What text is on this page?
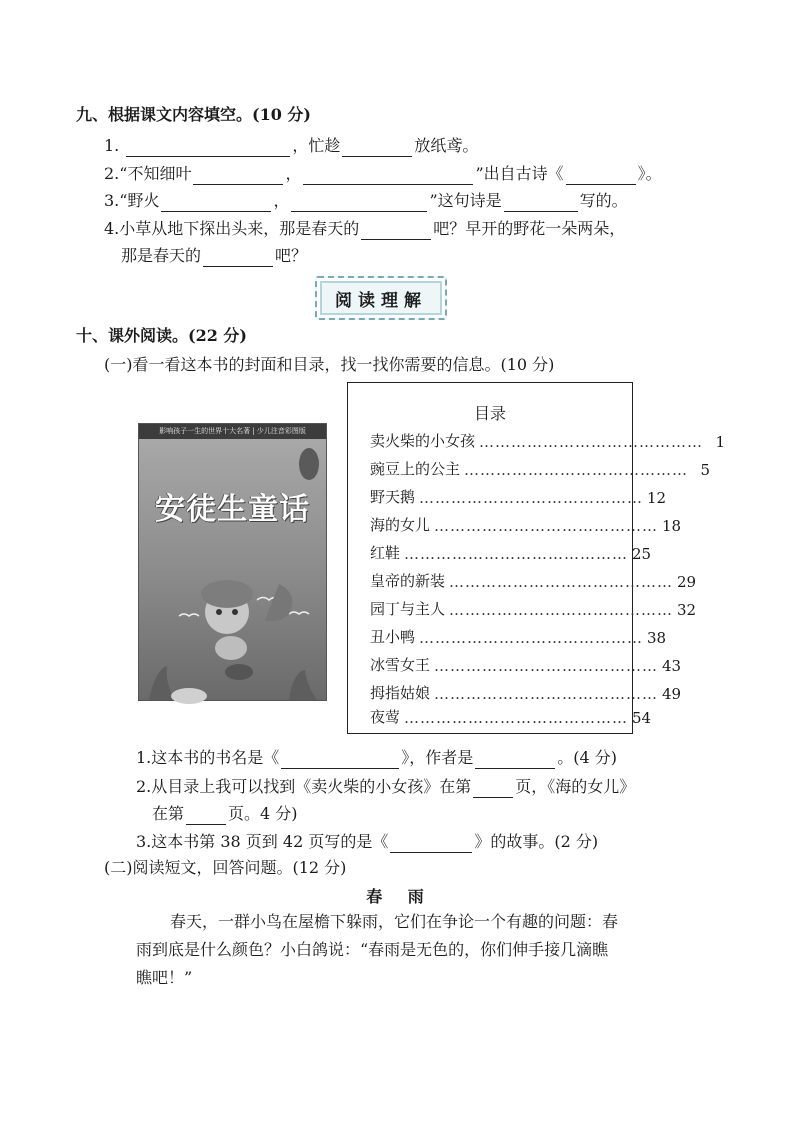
九、根据课文内容填空。(10 分)
1.	，忙趁	放纸鸢。
2.“不知细叶	，	”出自古诗《	》。
3.“野火	，	”这句诗是	写的。
4.小草从地下探出头来，那是春天的	吧？早开的野花一朵两朵，
那是春天的	吧？
阅读理解
十、课外阅读。(22 分)
(一)看一看这本书的封面和目录，找一找你需要的信息。(10 分)
影响孩子一生的世界十大名著 | 少儿注音彩图版
安徒生童话
目录
卖火柴的小女孩 …………………………………… 1
豌豆上的公主 …………………………………… 5
野天鹅 …………………………………… 12
海的女儿 …………………………………… 18
红鞋 …………………………………… 25
皇帝的新装 …………………………………… 29
园丁与主人 …………………………………… 32
丑小鸭 …………………………………… 38
冰雪女王 …………………………………… 43
拇指姑娘 …………………………………… 49
夜莺 …………………………………… 54
1.这本书的书名是《	》，作者是	。(4 分)
2.从目录上我可以找到《卖火柴的小女孩》在第	页，《海的女儿》
在第	页。4 分)
3.这本书第 38 页到 42 页写的是《	》的故事。(2 分)
(二)阅读短文，回答问题。(12 分)
春 雨
春天，一群小鸟在屋檐下躲雨，它们在争论一个有趣的问题：春
雨到底是什么颜色？小白鸽说：“春雨是无色的，你们伸手接几滴瞧
瞧吧！”
